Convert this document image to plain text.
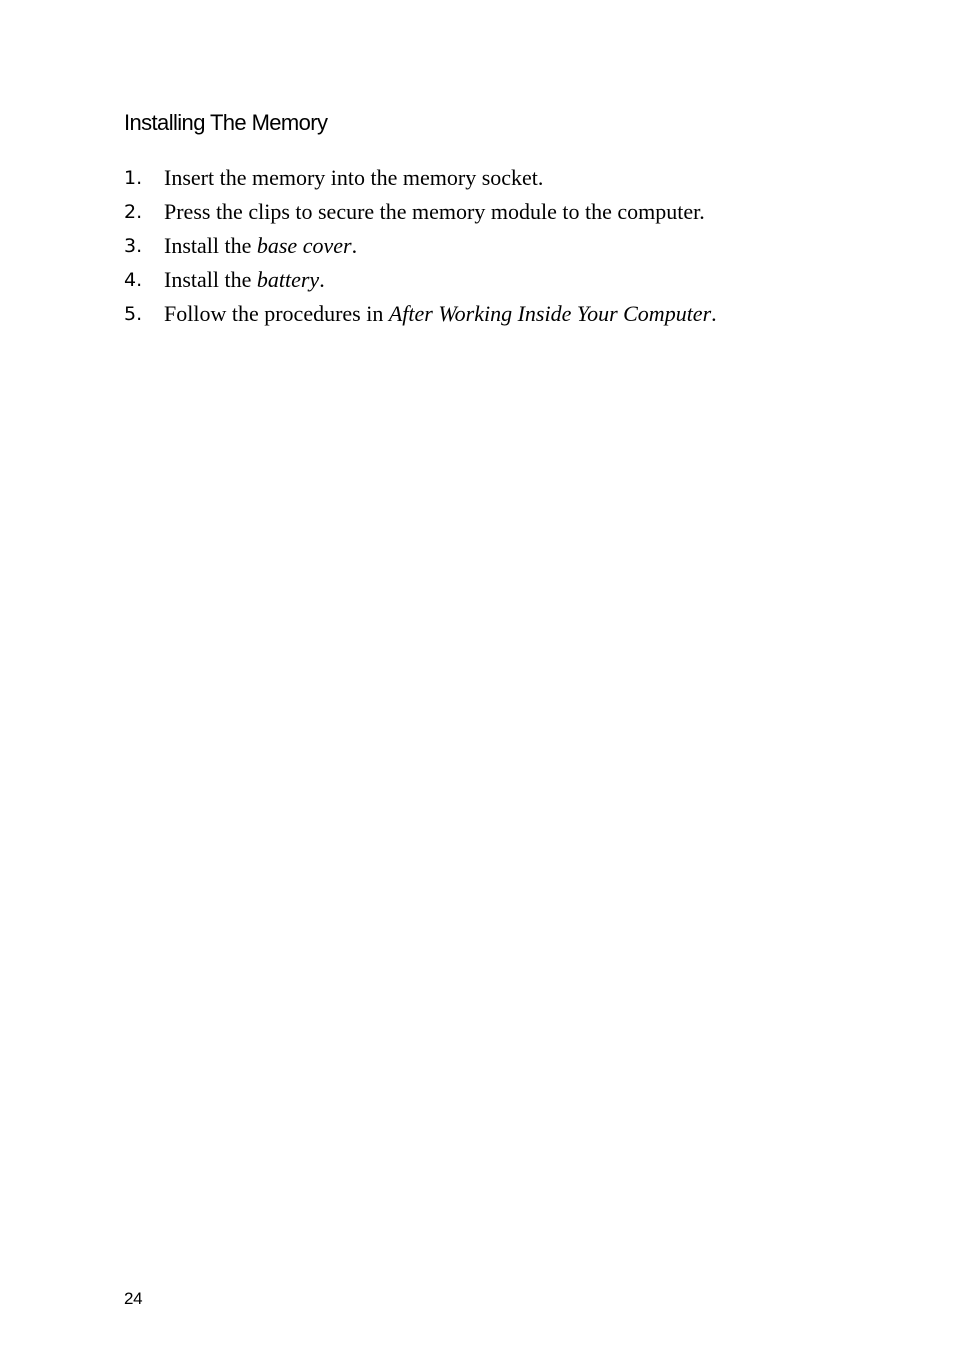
Installing The Memory
1. Insert the memory into the memory socket.
2. Press the clips to secure the memory module to the computer.
3. Install the base cover.
4. Install the battery.
5. Follow the procedures in After Working Inside Your Computer.
24
